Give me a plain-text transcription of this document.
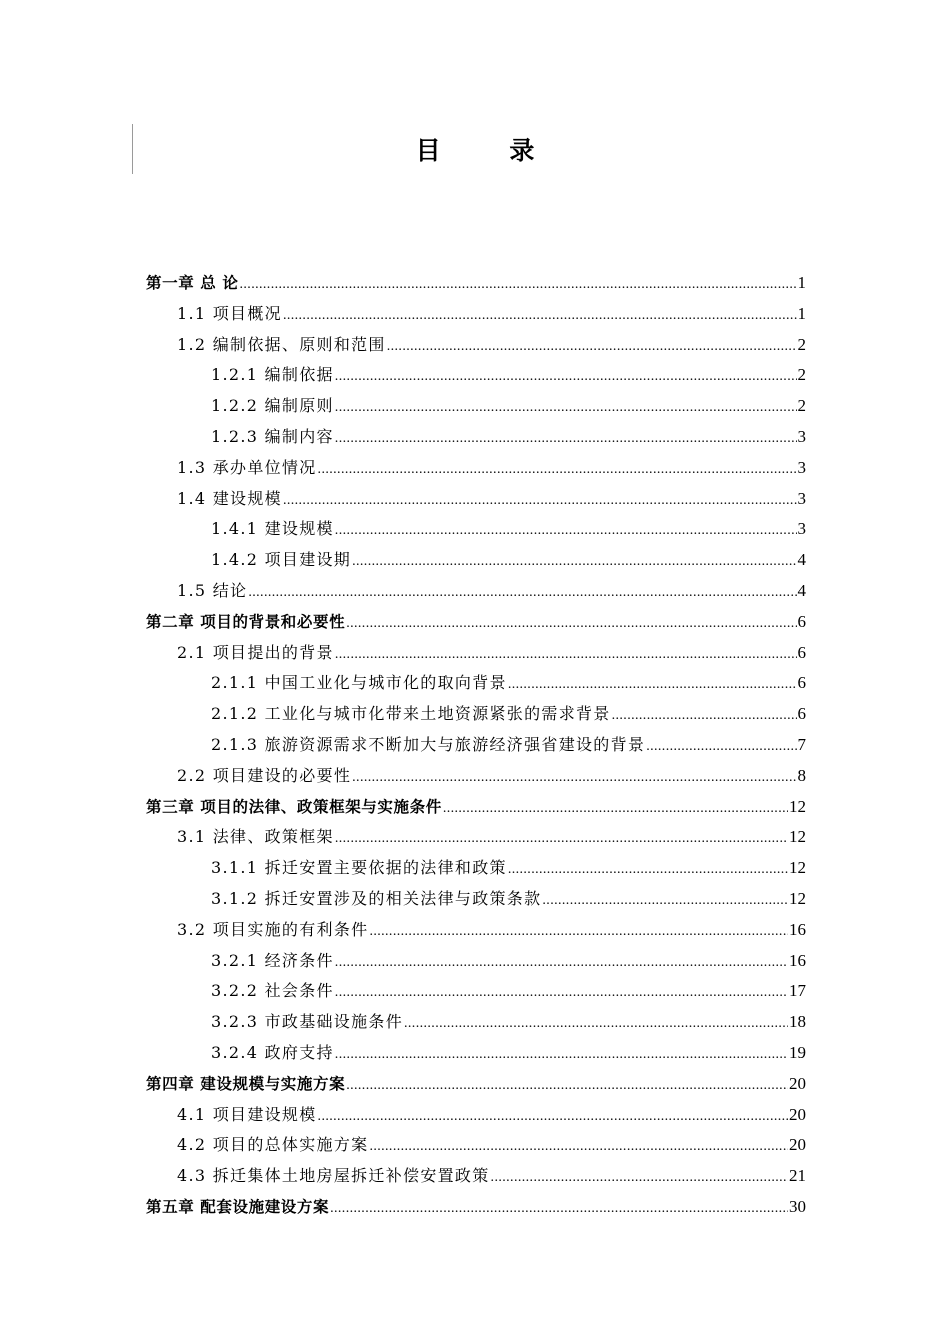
目 录
第一章 总 论 .....	1
1.1 项目概况 .....	1
1.2 编制依据、原则和范围 .....	2
1.2.1 编制依据 .....	2
1.2.2 编制原则 .....	2
1.2.3 编制内容 .....	3
1.3 承办单位情况 .....	3
1.4 建设规模 .....	3
1.4.1 建设规模 .....	3
1.4.2 项目建设期 .....	4
1.5 结论 .....	4
第二章 项目的背景和必要性 .....	6
2.1 项目提出的背景 .....	6
2.1.1 中国工业化与城市化的取向背景 .....	6
2.1.2 工业化与城市化带来土地资源紧张的需求背景 .....	6
2.1.3 旅游资源需求不断加大与旅游经济强省建设的背景 .....	7
2.2 项目建设的必要性 .....	8
第三章 项目的法律、政策框架与实施条件 .....	12
3.1 法律、政策框架 .....	12
3.1.1 拆迁安置主要依据的法律和政策 .....	12
3.1.2 拆迁安置涉及的相关法律与政策条款 .....	12
3.2 项目实施的有利条件 .....	16
3.2.1 经济条件 .....	16
3.2.2 社会条件 .....	17
3.2.3 市政基础设施条件 .....	18
3.2.4 政府支持 .....	19
第四章 建设规模与实施方案 .....	20
4.1 项目建设规模 .....	20
4.2 项目的总体实施方案 .....	20
4.3 拆迁集体土地房屋拆迁补偿安置政策 .....	21
第五章 配套设施建设方案 .....	30
